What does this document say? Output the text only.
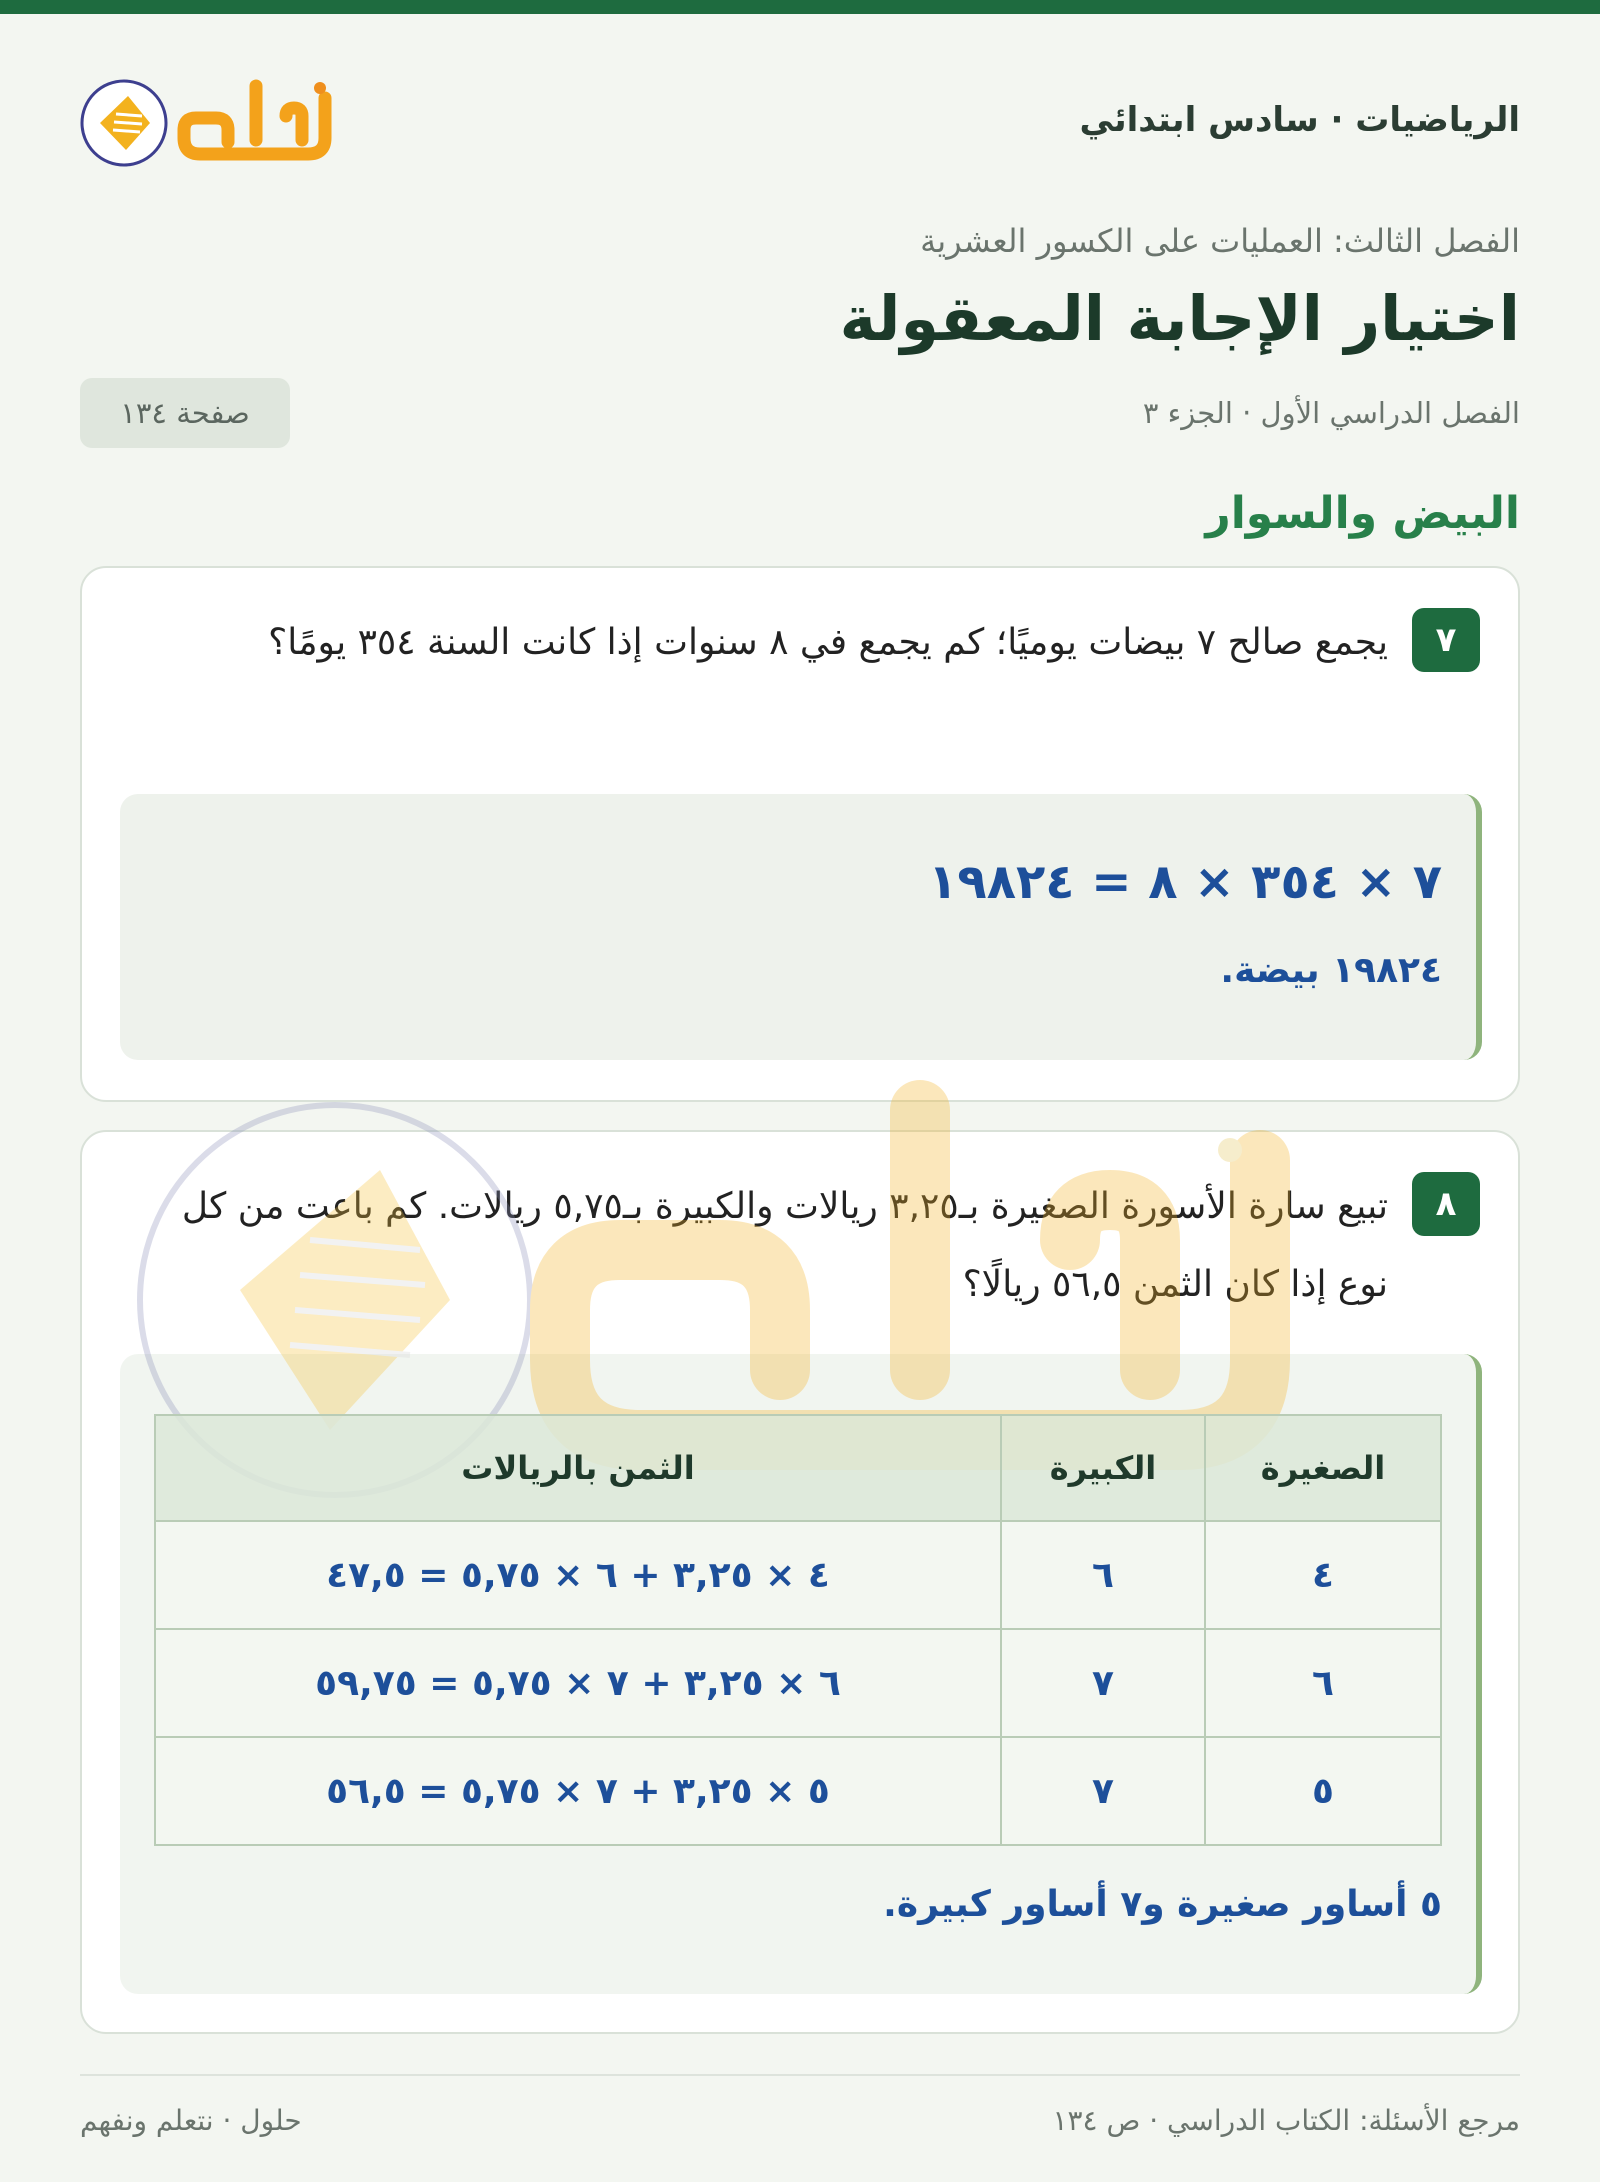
الرياضيات · سادس ابتدائي
الفصل الثالث: العمليات على الكسور العشرية
اختيار الإجابة المعقولة
الفصل الدراسي الأول · الجزء ٣
صفحة ١٣٤
البيض والسوار
٧
يجمع صالح ٧ بيضات يوميًا؛ كم يجمع في ٨ سنوات إذا كانت السنة ٣٥٤ يومًا؟
٧ × ٣٥٤ × ٨ = ١٩٨٢٤
١٩٨٢٤ بيضة.
٨
تبيع سارة الأسورة الصغيرة بـ٣,٢٥ ريالات والكبيرة بـ٥,٧٥ ريالات. كم باعت من كل نوع إذا كان الثمن ٥٦,٥ ريالًا؟
الصغيرة	الكبيرة	الثمن بالريالات
٤	٦	٤ × ٣,٢٥ + ٦ × ٥,٧٥ = ٤٧,٥
٦	٧	٦ × ٣,٢٥ + ٧ × ٥,٧٥ = ٥٩,٧٥
٥	٧	٥ × ٣,٢٥ + ٧ × ٥,٧٥ = ٥٦,٥
٥ أساور صغيرة و٧ أساور كبيرة.
مرجع الأسئلة: الكتاب الدراسي · ص ١٣٤
حلول · نتعلم ونفهم
